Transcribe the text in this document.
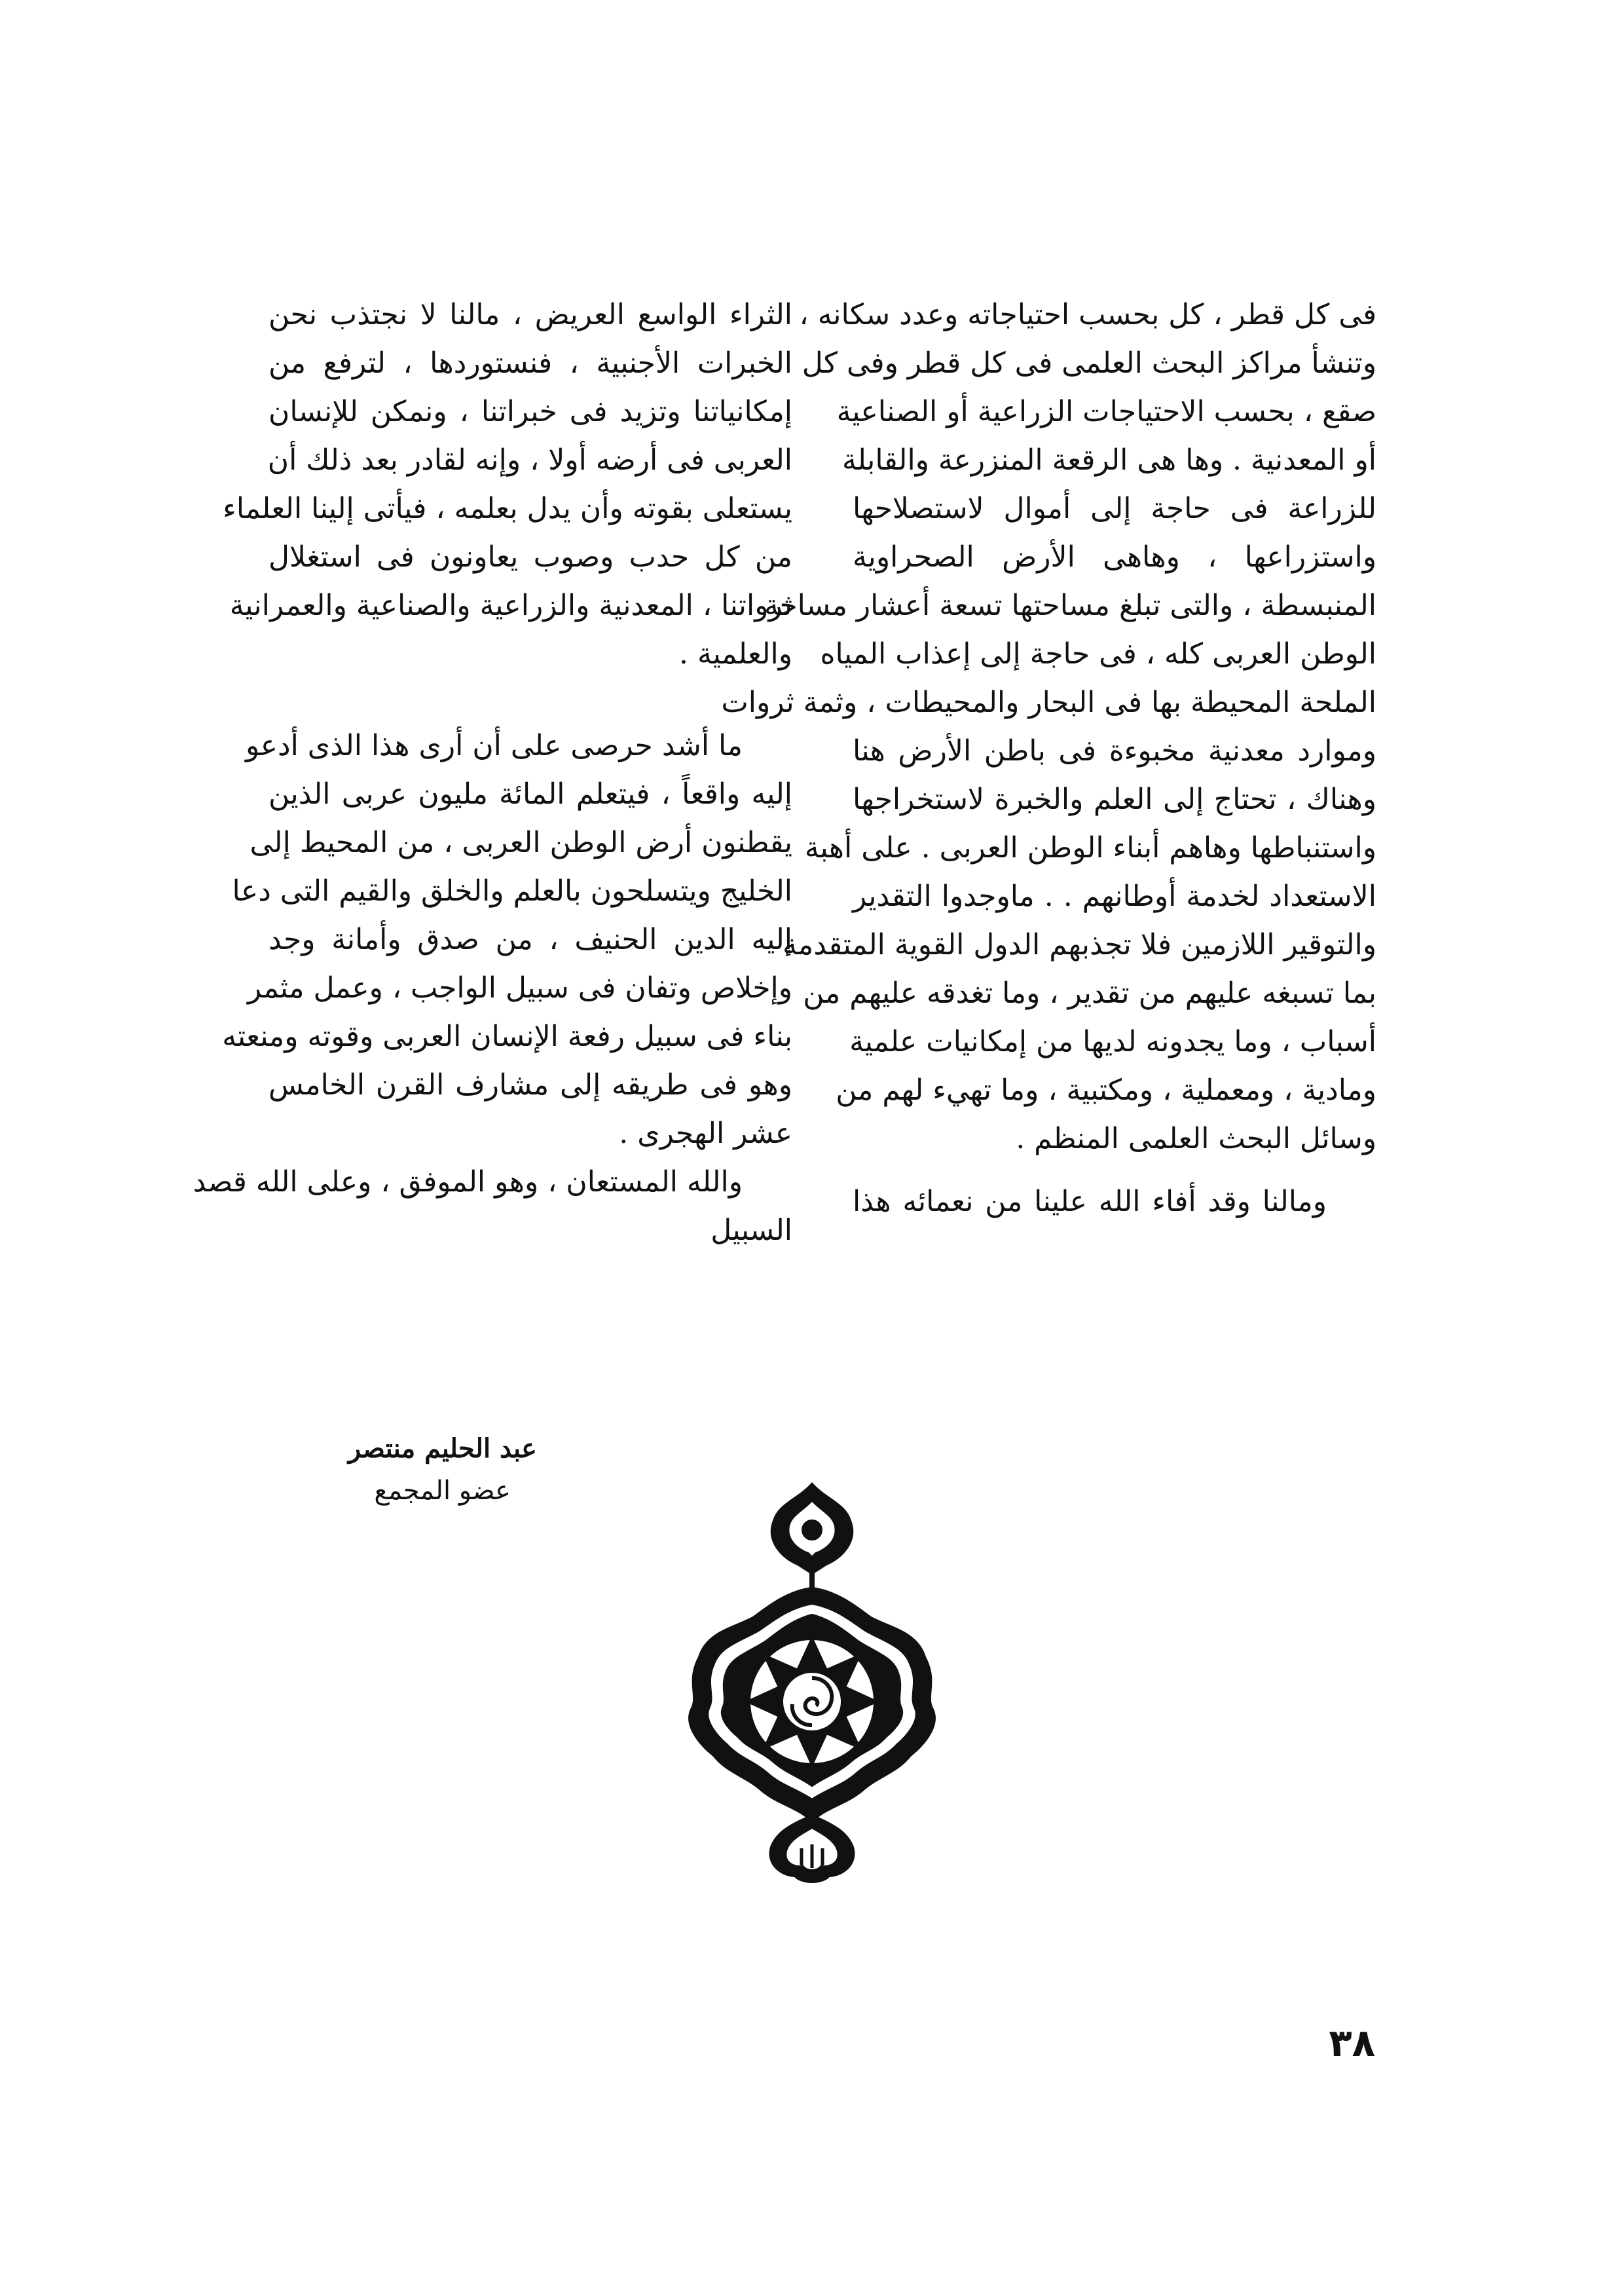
فى كل قطر ، كل بحسب احتياجاته وعدد سكانه ،
وتنشأ مراكز البحث العلمى فى كل قطر وفى كل
صقع ، بحسب الاحتياجات الزراعية أو الصناعية
أو المعدنية . وها هى الرقعة المنزرعة والقابلة
للزراعة فى حاجة إلى أموال لاستصلاحها
واستزراعها ، وهاهى الأرض الصحراوية
المنبسطة ، والتى تبلغ مساحتها تسعة أعشار مساحة
الوطن العربى كله ، فى حاجة إلى إعذاب المياه
الملحة المحيطة بها فى البحار والمحيطات ، وثمة ثروات
وموارد معدنية مخبوءة فى باطن الأرض هنا
وهناك ، تحتاج إلى العلم والخبرة لاستخراجها
واستنباطها وهاهم أبناء الوطن العربى . على أهبة
الاستعداد لخدمة أوطانهم . . ماوجدوا التقدير
والتوقير اللازمين فلا تجذبهم الدول القوية المتقدمة
بما تسبغه عليهم من تقدير ، وما تغدقه عليهم من
أسباب ، وما يجدونه لديها من إمكانيات علمية
ومادية ، ومعملية ، ومكتبية ، وما تهيء لهم من
وسائل البحث العلمى المنظم .
ومالنا وقد أفاء الله علينا من نعمائه هذا
الثراء الواسع العريض ، مالنا لا نجتذب نحن
الخبرات الأجنبية ، فنستوردها ، لترفع من
إمكانياتنا وتزيد فى خبراتنا ، ونمكن للإنسان
العربى فى أرضه أولا ، وإنه لقادر بعد ذلك أن
يستعلى بقوته وأن يدل بعلمه ، فيأتى إلينا العلماء
من كل حدب وصوب يعاونون فى استغلال
ثرواتنا ، المعدنية والزراعية والصناعية والعمرانية
والعلمية .
ما أشد حرصى على أن أرى هذا الذى أدعو
إليه واقعاً ، فيتعلم المائة مليون عربى الذين
يقطنون أرض الوطن العربى ، من المحيط إلى
الخليج ويتسلحون بالعلم والخلق والقيم التى دعا
إليه الدين الحنيف ، من صدق وأمانة وجد
وإخلاص وتفان فى سبيل الواجب ، وعمل مثمر
بناء فى سبيل رفعة الإنسان العربى وقوته ومنعته
وهو فى طريقه إلى مشارف القرن الخامس
عشر الهجرى .
والله المستعان ، وهو الموفق ، وعلى الله قصد
السبيل
عبد الحليم منتصر
عضو المجمع
٣٨
